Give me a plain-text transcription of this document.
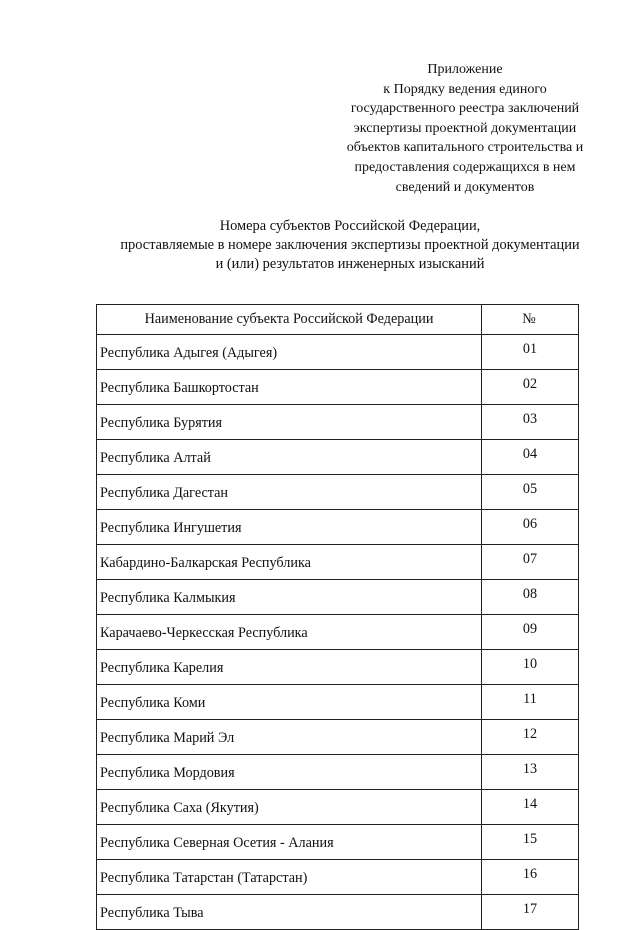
Приложение
к Порядку ведения единого
государственного реестра заключений
экспертизы проектной документации
объектов капитального строительства и
предоставления содержащихся в нем
сведений и документов
Номера субъектов Российской Федерации,
проставляемые в номере заключения экспертизы проектной документации
и (или) результатов инженерных изысканий
Наименование субъекта Российской Федерации	№
Республика Адыгея (Адыгея)	01
Республика Башкортостан	02
Республика Бурятия	03
Республика Алтай	04
Республика Дагестан	05
Республика Ингушетия	06
Кабардино-Балкарская Республика	07
Республика Калмыкия	08
Карачаево-Черкесская Республика	09
Республика Карелия	10
Республика Коми	11
Республика Марий Эл	12
Республика Мордовия	13
Республика Саха (Якутия)	14
Республика Северная Осетия - Алания	15
Республика Татарстан (Татарстан)	16
Республика Тыва	17
